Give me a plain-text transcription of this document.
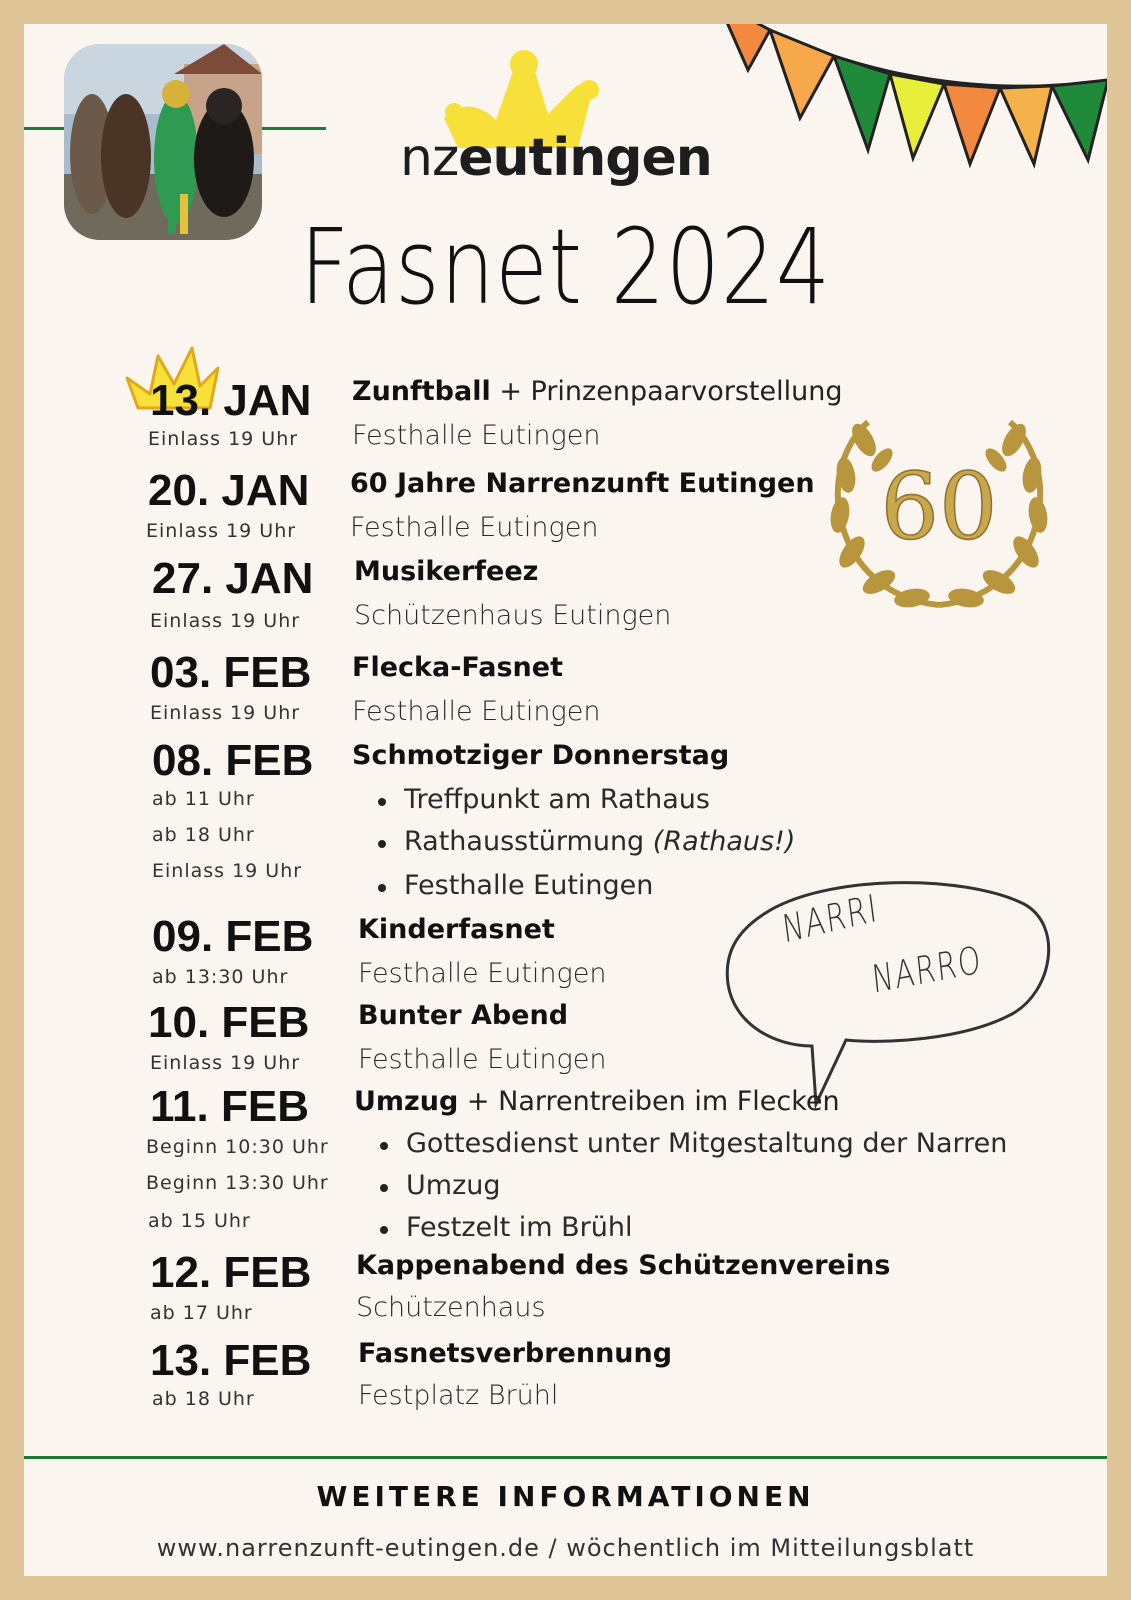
nzeutingen
Fasnet 2024
60
NARRI
NARRO
13. JAN
Einlass 19 Uhr
Zunftball + Prinzenpaarvorstellung
Festhalle Eutingen
20. JAN
Einlass 19 Uhr
60 Jahre Narrenzunft Eutingen
Festhalle Eutingen
27. JAN
Einlass 19 Uhr
Musikerfeez
Schützenhaus Eutingen
03. FEB
Einlass 19 Uhr
Flecka-Fasnet
Festhalle Eutingen
08. FEB
ab 11 Uhr
ab 18 Uhr
Einlass 19 Uhr
Schmotziger Donnerstag
Treffpunkt am Rathaus
Rathausstürmung (Rathaus!)
Festhalle Eutingen
09. FEB
ab 13:30 Uhr
Kinderfasnet
Festhalle Eutingen
10. FEB
Einlass 19 Uhr
Bunter Abend
Festhalle Eutingen
11. FEB
Beginn 10:30 Uhr
Beginn 13:30 Uhr
ab 15 Uhr
Umzug + Narrentreiben im Flecken
Gottesdienst unter Mitgestaltung der Narren
Umzug
Festzelt im Brühl
12. FEB
ab 17 Uhr
Kappenabend des Schützenvereins
Schützenhaus
13. FEB
ab 18 Uhr
Fasnetsverbrennung
Festplatz Brühl
WEITERE INFORMATIONEN
www.narrenzunft-eutingen.de / wöchentlich im Mitteilungsblatt
